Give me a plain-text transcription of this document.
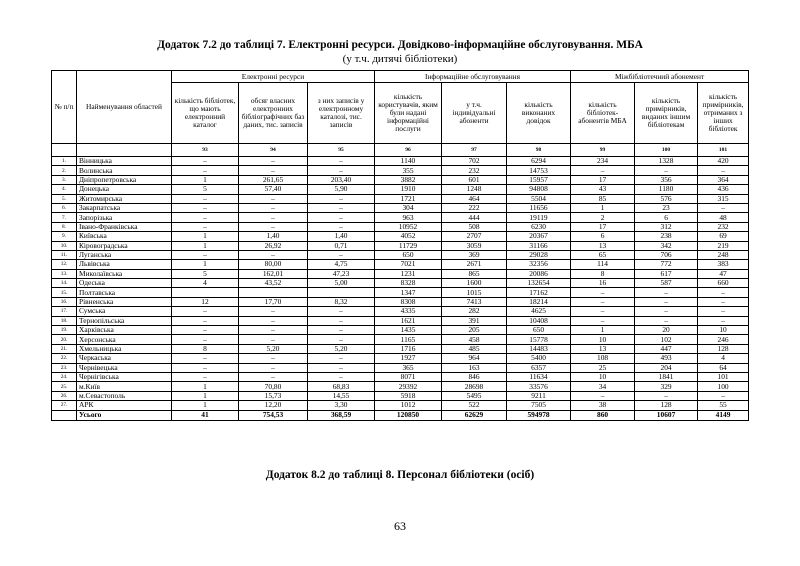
Додаток 7.2 до таблиці 7. Електронні ресурси. Довідково-інформаційне обслуговування. МБА
(у т.ч. дитячі бібліотеки)
№ п/п	Найменування областей	Електронні ресурси			Інформаційне обслуговування			Міжбібліотечний абонемент		
		кількість бібліотек, що мають електронний каталог	обсяг власних електронних бібліографічних баз даних, тис. записів	з них записів у електронному каталозі, тис. записів	кількість користувачів, яким були надані інформаційні послуги	у т.ч. індивідуальні абоненти	кількість виконаних довідок	кількість бібліотек-абонентів МБА	кількість примірників, виданих іншим бібліотекам	кількість примірників, отриманих з інших бібліотек
		93	94	95	96	97	98	99	100	101
1.	Вінницька	–	–	–	1140	702	6294	234	1328	420
2.	Волинська	–	–	–	355	232	14753	–	–	–
3.	Дніпропетровська	1	261,65	203,40	3882	601	15957	17	356	364
4.	Донецька	5	57,40	5,90	1910	1248	94808	43	1180	436
5.	Житомирська	–	–	–	1721	464	5504	85	576	315
6.	Закарпатська	–	–	–	304	222	11656	1	23	–
7.	Запорізька	–	–	–	963	444	19119	2	6	48
8.	Івано-Франківська	–	–	–	10952	508	6230	17	312	232
9.	Київська	1	1,40	1,40	4052	2707	20367	6	238	69
10.	Кіровоградська	1	26,92	0,71	11729	3059	31166	13	342	219
11.	Луганська	–	–	–	650	369	29028	65	706	248
12.	Львівська	1	80,00	4,75	7021	2671	32356	114	772	383
13.	Миколаївська	5	162,01	47,23	1231	865	20086	8	617	47
14.	Одеська	4	43,52	5,00	8328	1600	132654	16	587	660
15.	Полтавська				1347	1015	17162	–	–	–
16.	Рівненська	12	17,70	8,32	8308	7413	18214	–	–	–
17.	Сумська	–	–	–	4335	282	4625	–	–	–
18.	Тернопільська	–	–	–	1621	391	10408	–	–	–
19.	Харківська	–	–	–	1435	205	650	1	20	10
20.	Херсонська	–	–	–	1165	458	15778	10	102	246
21.	Хмельницька	8	5,20	5,20	1716	485	14483	13	447	128
22.	Черкаська	–	–	–	1927	964	5400	108	493	4
23.	Чернівецька	–	–	–	365	163	6357	25	204	64
24.	Чернігівська	–	–	–	8071	846	11634	10	1841	101
25.	м.Київ	1	70,80	68,83	29392	28698	33576	34	329	100
26.	м.Севастополь	1	15,73	14,55	5918	5495	9211	–	–	–
27.	АРК	1	12,20	3,30	1012	522	7505	38	128	55
	Усього	41	754,53	368,59	120850	62629	594978	860	10607	4149
Додаток 8.2 до таблиці 8. Персонал бібліотеки (осіб)
63
